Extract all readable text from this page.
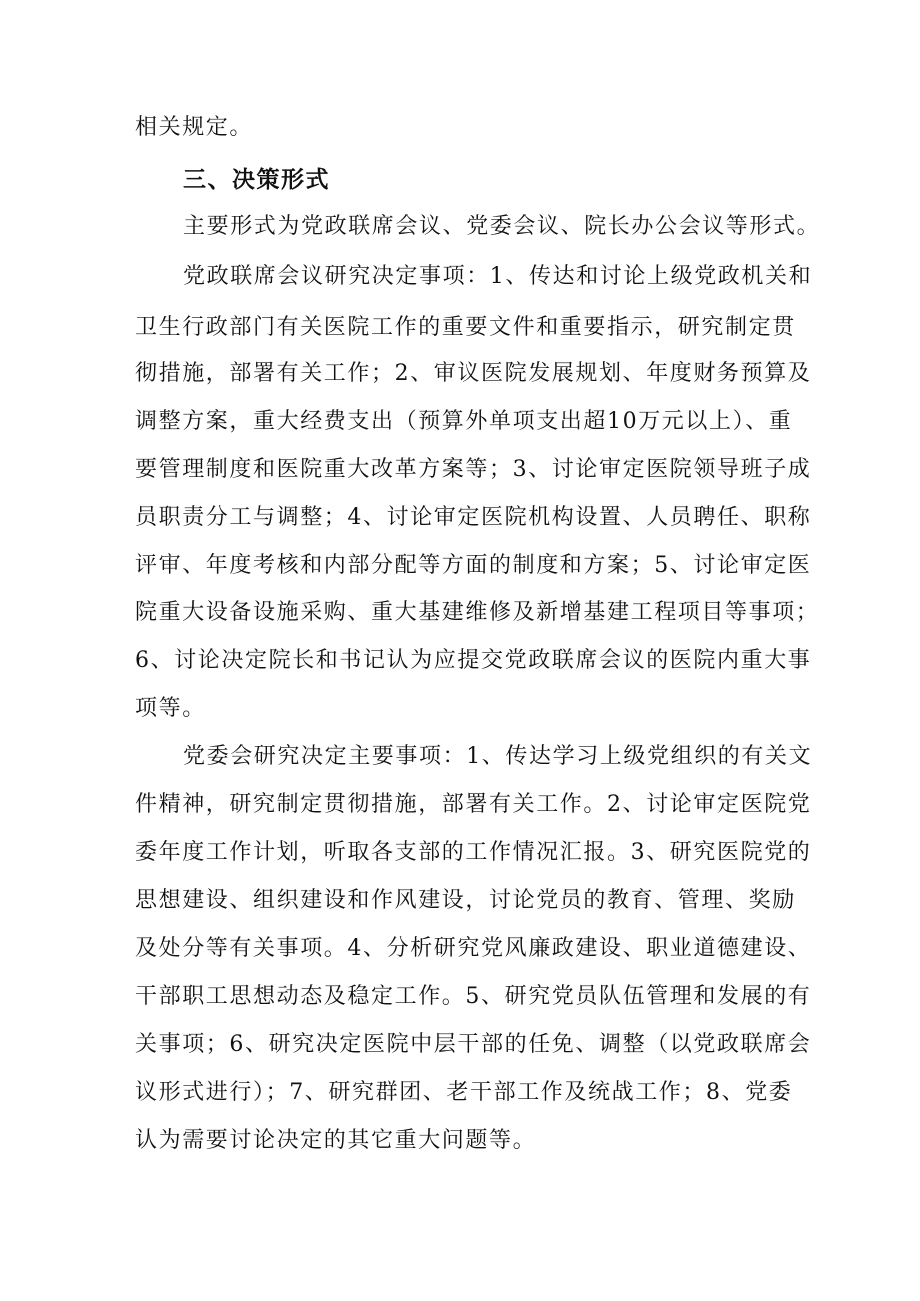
相关规定。
三、决策形式
主要形式为党政联席会议、党委会议、院长办公会议等形式。
党政联席会议研究决定事项：1、传达和讨论上级党政机关和
卫生行政部门有关医院工作的重要文件和重要指示，研究制定贯
彻措施，部署有关工作；2、审议医院发展规划、年度财务预算及
调整方案，重大经费支出（预算外单项支出超10万元以上）、重
要管理制度和医院重大改革方案等；3、讨论审定医院领导班子成
员职责分工与调整；4、讨论审定医院机构设置、人员聘任、职称
评审、年度考核和内部分配等方面的制度和方案；5、讨论审定医
院重大设备设施采购、重大基建维修及新增基建工程项目等事项；
6、讨论决定院长和书记认为应提交党政联席会议的医院内重大事
项等。
党委会研究决定主要事项：1、传达学习上级党组织的有关文
件精神，研究制定贯彻措施，部署有关工作。2、讨论审定医院党
委年度工作计划，听取各支部的工作情况汇报。3、研究医院党的
思想建设、组织建设和作风建设，讨论党员的教育、管理、奖励
及处分等有关事项。4、分析研究党风廉政建设、职业道德建设、
干部职工思想动态及稳定工作。5、研究党员队伍管理和发展的有
关事项；6、研究决定医院中层干部的任免、调整（以党政联席会
议形式进行）；7、研究群团、老干部工作及统战工作；8、党委
认为需要讨论决定的其它重大问题等。
